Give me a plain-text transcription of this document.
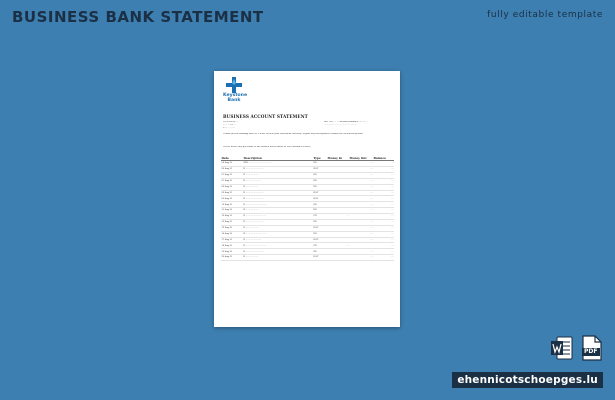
BUSINESS BANK STATEMENT	fully editable template
Keystone
Bank
BUSINESS ACCOUNT STATEMENT
BUSINESS ...
5 ...... ST ...
L...... ... ....
Acc. No. ... ... Account number: 1 ...5 ...
... ...... ... ... ... ... ... ... ... ... ...
Thank you for banking with us. Please review your statement carefully. Report any discrepancies within the statement period.
Please direct any questions to the branch listed above or call customer service.
Date	Description	Type	Money In	Money Out	Balance
04 Aug 21	STO ... ... ... ... ... ... ... ... ...	DD		...	...
04 Aug 21	B ... ... ... ... ... ... ...	BGC		...	...
05 Aug 21	B ... ... ... ... ...	DD		...	...
05 Aug 21	B ... ... ... ... ... ...	DD		...	...
06 Aug 21	B ... ... ... ... ...	DD		...	...
06 Aug 21	B ... ... ... ... ... ... ...	BGC		...	...
09 Aug 21	B ... ... ... ... ... ... ...	BGC		...	...
10 Aug 21	B ... ... ... ... ... ... ... ...	DD		...	...
11 Aug 21	B ... ... ... ... ...	DD		...	...
12 Aug 21	B ... ... ... ... ... ... ... ...	CR	...		...
13 Aug 21	B ... ... ... ... ... ... ...	DD		...	...
13 Aug 21	B ... ... ... ... ...	BGC		...	...
16 Aug 21	B ... ... ... ... ... ... ... ...	DD		...	...
17 Aug 21	B ... ... ... ... ... ...	BGC		...	...
18 Aug 21	B ... ... ... ... ... ... ... ...	CR	...		...
19 Aug 21	B ... ... ... ... ... ... ...	DD		...	...
20 Aug 21	B ... ... ... ... ...	BGC		...	...
PDF
ehennicotschoepges.lu
